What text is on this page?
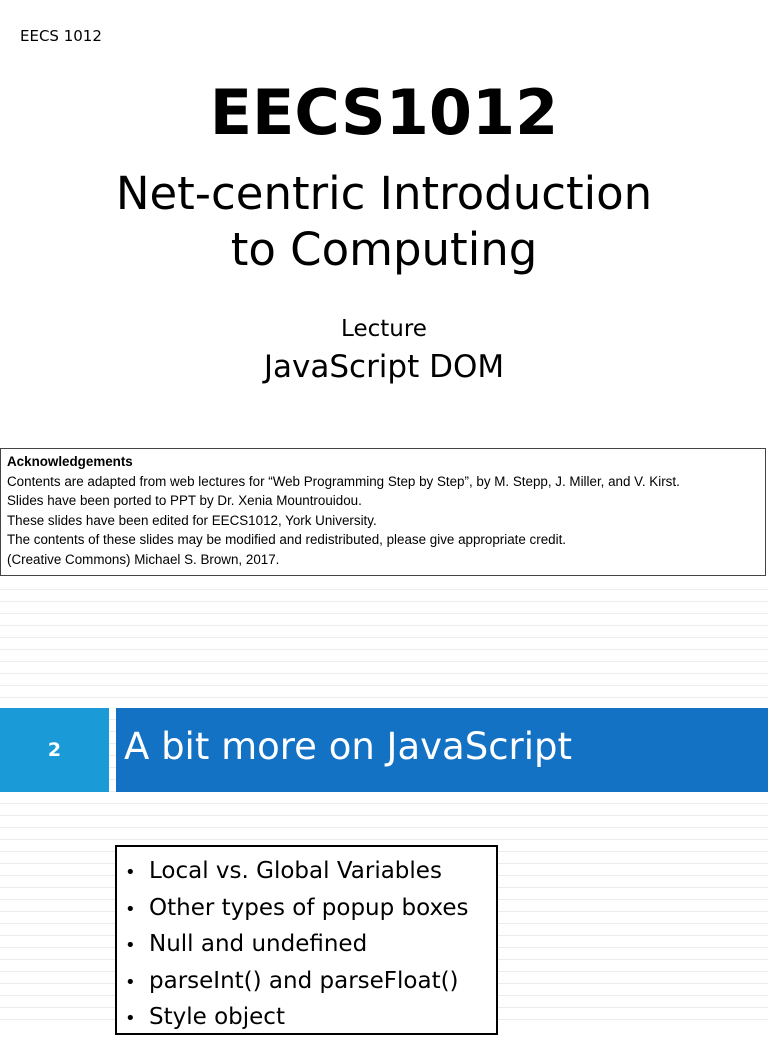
EECS 1012
EECS1012
Net-centric Introduction
to Computing
Lecture
JavaScript DOM
Acknowledgements
Contents are adapted from web lectures for “Web Programming Step by Step”, by M. Stepp, J. Miller, and V. Kirst.
Slides have been ported to PPT by Dr. Xenia Mountrouidou.
These slides have been edited for EECS1012, York University.
The contents of these slides may be modified and redistributed, please give appropriate credit.
(Creative Commons) Michael S. Brown, 2017.
2 A bit more on JavaScript
• Local vs. Global Variables
• Other types of popup boxes
• Null and undefined
• parseInt() and parseFloat()
• Style object
